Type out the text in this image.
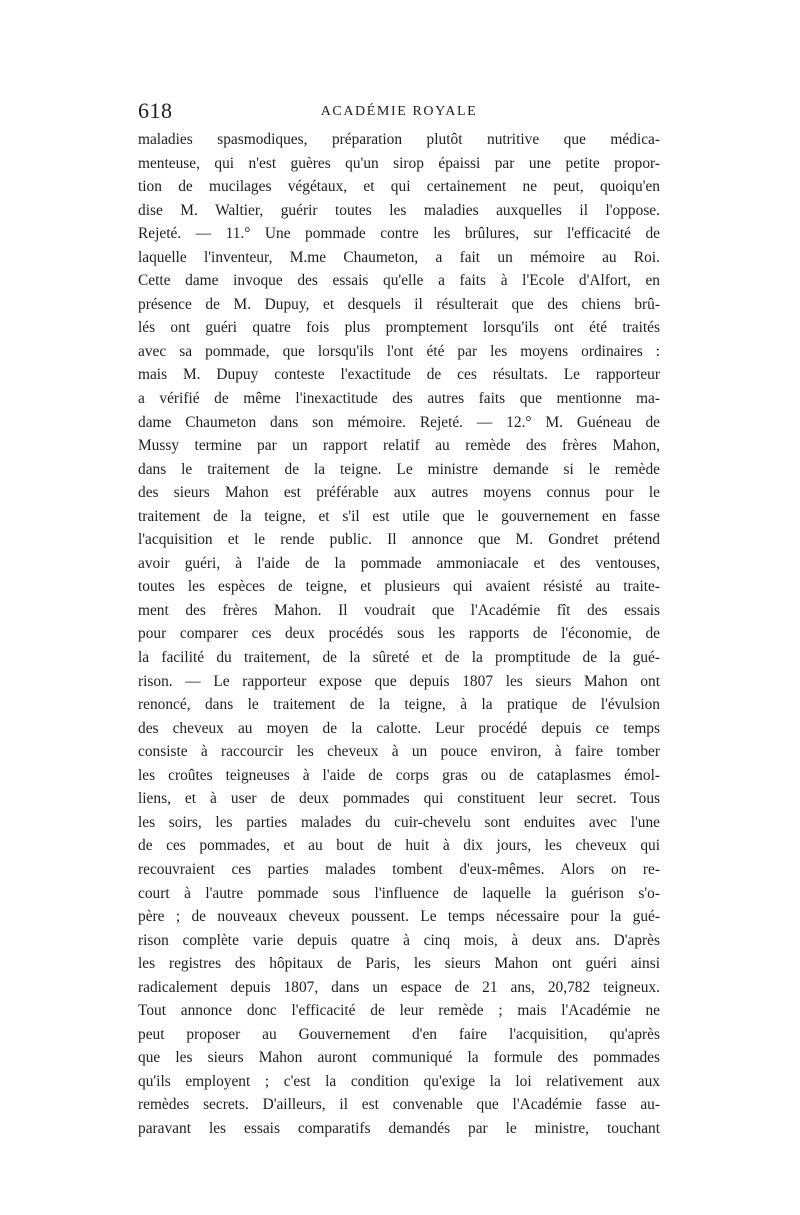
618	ACADÉMIE ROYALE
maladies spasmodiques, préparation plutôt nutritive que médica-
menteuse, qui n'est guères qu'un sirop épaissi par une petite propor-
tion de mucilages végétaux, et qui certainement ne peut, quoiqu'en
dise M. Waltier, guérir toutes les maladies auxquelles il l'oppose.
Rejeté. — 11.° Une pommade contre les brûlures, sur l'efficacité de
laquelle l'inventeur, M.me Chaumeton, a fait un mémoire au Roi.
Cette dame invoque des essais qu'elle a faits à l'Ecole d'Alfort, en
présence de M. Dupuy, et desquels il résulterait que des chiens brû-
lés ont guéri quatre fois plus promptement lorsqu'ils ont été traités
avec sa pommade, que lorsqu'ils l'ont été par les moyens ordinaires :
mais M. Dupuy conteste l'exactitude de ces résultats. Le rapporteur
a vérifié de même l'inexactitude des autres faits que mentionne ma-
dame Chaumeton dans son mémoire. Rejeté. — 12.° M. Guéneau de
Mussy termine par un rapport relatif au remède des frères Mahon,
dans le traitement de la teigne. Le ministre demande si le remède
des sieurs Mahon est préférable aux autres moyens connus pour le
traitement de la teigne, et s'il est utile que le gouvernement en fasse
l'acquisition et le rende public. Il annonce que M. Gondret prétend
avoir guéri, à l'aide de la pommade ammoniacale et des ventouses,
toutes les espèces de teigne, et plusieurs qui avaient résisté au traite-
ment des frères Mahon. Il voudrait que l'Académie fît des essais
pour comparer ces deux procédés sous les rapports de l'économie, de
la facilité du traitement, de la sûreté et de la promptitude de la gué-
rison. — Le rapporteur expose que depuis 1807 les sieurs Mahon ont
renoncé, dans le traitement de la teigne, à la pratique de l'évulsion
des cheveux au moyen de la calotte. Leur procédé depuis ce temps
consiste à raccourcir les cheveux à un pouce environ, à faire tomber
les croûtes teigneuses à l'aide de corps gras ou de cataplasmes émol-
liens, et à user de deux pommades qui constituent leur secret. Tous
les soirs, les parties malades du cuir-chevelu sont enduites avec l'une
de ces pommades, et au bout de huit à dix jours, les cheveux qui
recouvraient ces parties malades tombent d'eux-mêmes. Alors on re-
court à l'autre pommade sous l'influence de laquelle la guérison s'o-
père ; de nouveaux cheveux poussent. Le temps nécessaire pour la gué-
rison complète varie depuis quatre à cinq mois, à deux ans. D'après
les registres des hôpitaux de Paris, les sieurs Mahon ont guéri ainsi
radicalement depuis 1807, dans un espace de 21 ans, 20,782 teigneux.
Tout annonce donc l'efficacité de leur remède ; mais l'Académie ne
peut proposer au Gouvernement d'en faire l'acquisition, qu'après
que les sieurs Mahon auront communiqué la formule des pommades
qu'ils employent ; c'est la condition qu'exige la loi relativement aux
remèdes secrets. D'ailleurs, il est convenable que l'Académie fasse au-
paravant les essais comparatifs demandés par le ministre, touchant
